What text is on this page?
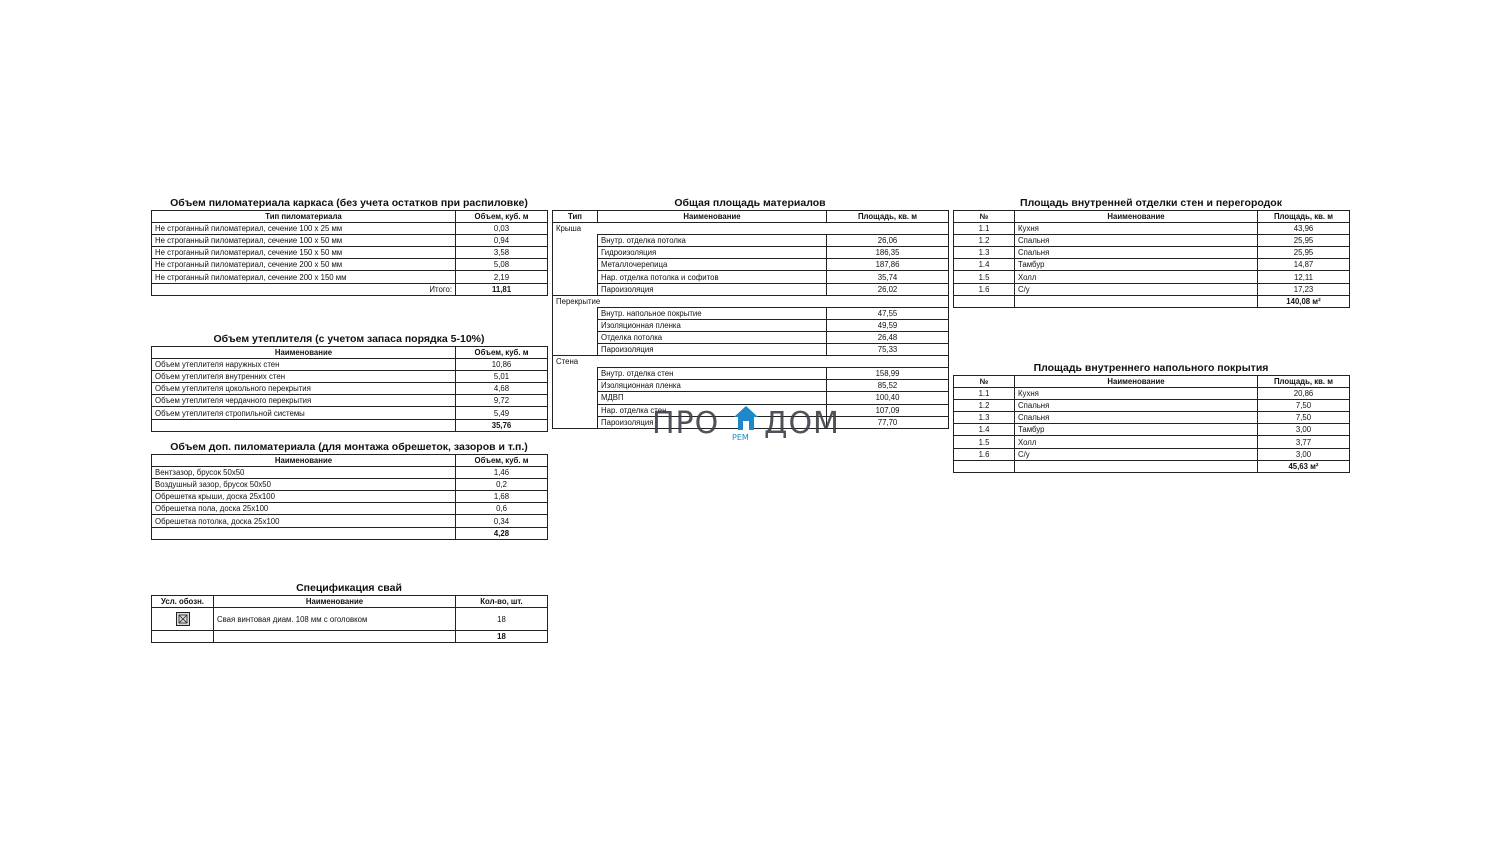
Объем пиломатериала каркаса (без учета остатков при распиловке)
Тип пиломатериала	Объем, куб. м
Не строганный пиломатериал, сечение 100 х 25 мм	0,03
Не строганный пиломатериал, сечение 100 х 50 мм	0,94
Не строганный пиломатериал, сечение 150 х 50 мм	3,58
Не строганный пиломатериал, сечение 200 х 50 мм	5,08
Не строганный пиломатериал, сечение 200 х 150 мм	2,19
Итого:	11,81
Объем утеплителя (с учетом запаса порядка 5-10%)
Наименование	Объем, куб. м
Объем утеплителя наружных стен	10,86
Объем утеплителя внутренних стен	5,01
Объем утеплителя цокольного перекрытия	4,68
Объем утеплителя чердачного перекрытия	9,72
Объем утеплителя стропильной системы	5,49
	35,76
Объем доп. пиломатериала (для монтажа обрешеток, зазоров и т.п.)
Наименование	Объем, куб. м
Вентзазор, брусок 50х50	1,46
Воздушный зазор, брусок 50х50	0,2
Обрешетка крыши, доска 25х100	1,68
Обрешетка пола, доска 25х100	0,6
Обрешетка потолка, доска 25х100	0,34
	4,28
Спецификация свай
Усл. обозн.	Наименование	Кол-во, шт.

	Свая винтовая диам. 108 мм с оголовком	18
		18
Общая площадь материалов
Тип	Наименование	Площадь, кв. м
Крыша		
	Внутр. отделка потолка	26,06
	Гидроизоляция	186,35
	Металлочерепица	187,86
	Нар. отделка потолка и софитов	35,74
	Пароизоляция	26,02
Перекрытие		
	Внутр. напольное покрытие	47,55
	Изоляционная пленка	49,59
	Отделка потолка	26,48
	Пароизоляция	75,33
Стена		
	Внутр. отделка стен	158,99
	Изоляционная пленка	85,52
	МДВП	100,40
	Нар. отделка стен	107,09
	Пароизоляция	77,70
Площадь внутренней отделки стен и перегородок
№	Наименование	Площадь, кв. м
1.1	Кухня	43,96
1.2	Спальня	25,95
1.3	Спальня	25,95
1.4	Тамбур	14,87
1.5	Холл	12,11
1.6	С/у	17,23
		140,08 м²
Площадь внутреннего напольного покрытия
№	Наименование	Площадь, кв. м
1.1	Кухня	20,86
1.2	Спальня	7,50
1.3	Спальня	7,50
1.4	Тамбур	3,00
1.5	Холл	3,77
1.6	С/у	3,00
		45,63 м²
ПРО РЕМ ДОМ
